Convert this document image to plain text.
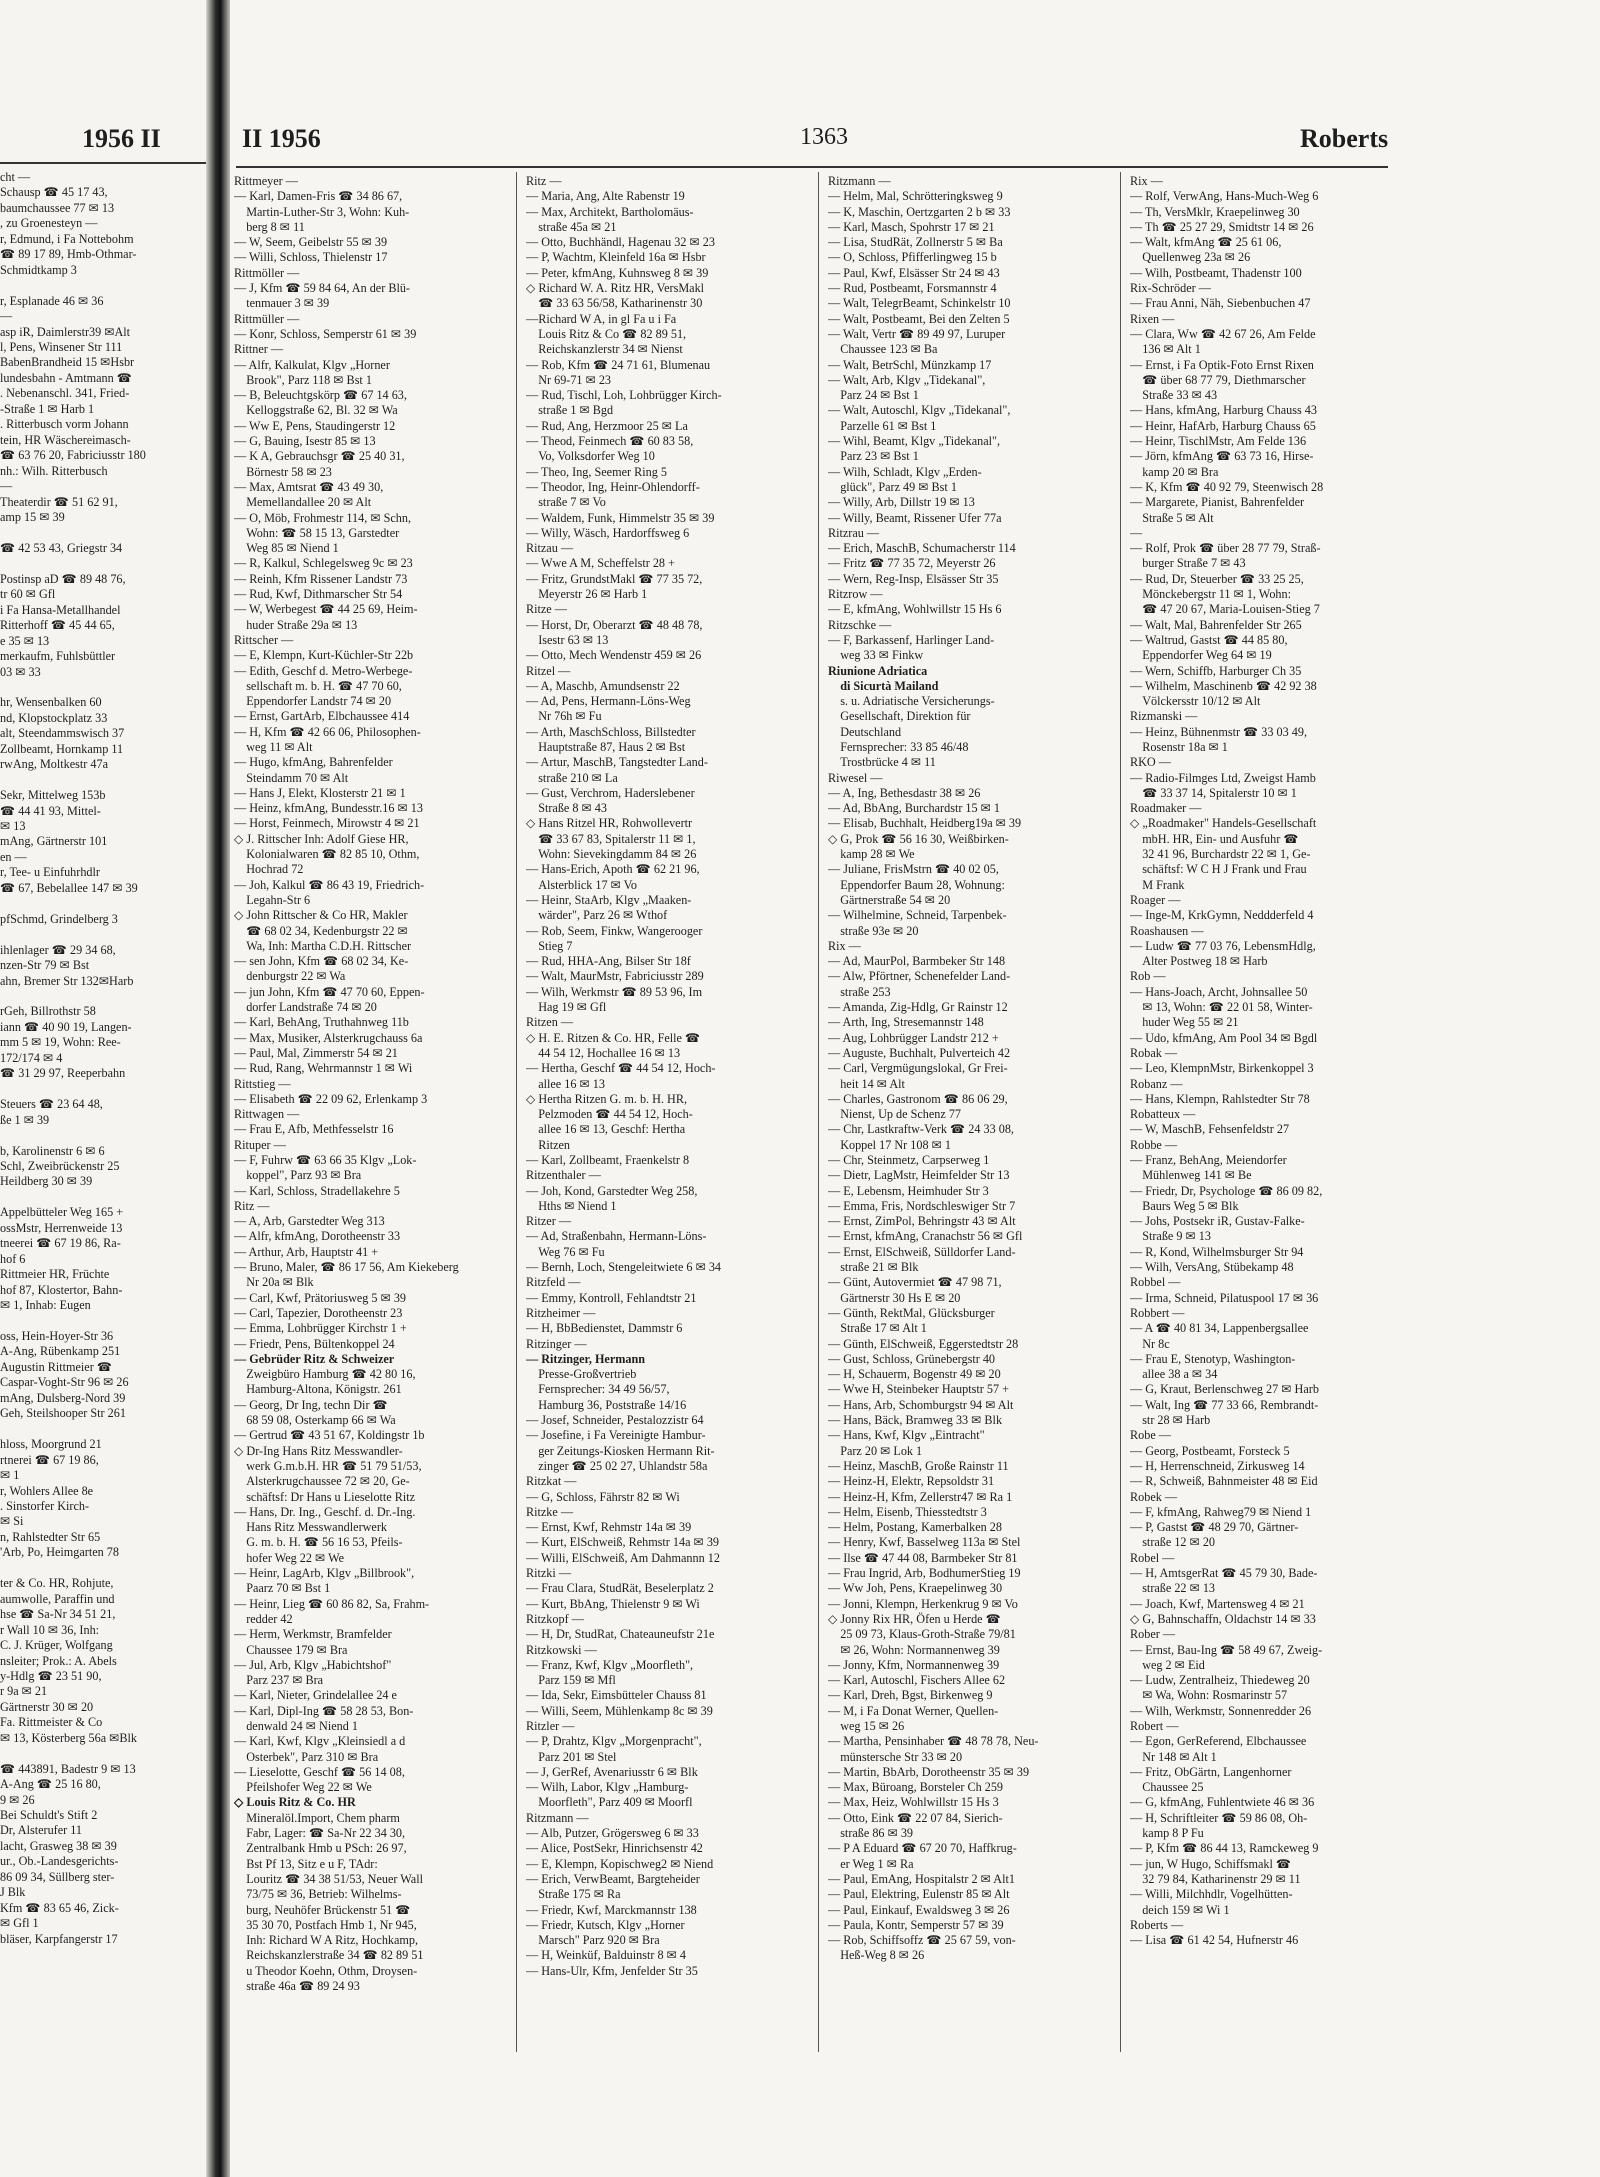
1956 II
cht —
Schausp ☎ 45 17 43,
baumchaussee 77 ✉ 13
, zu Groenesteyn —
r, Edmund, i Fa Nottebohm
☎ 89 17 89, Hmb-Othmar-
Schmidtkamp 3

r, Esplanade 46 ✉ 36
—
asp iR, Daimlerstr39 ✉Alt
l, Pens, Winsener Str 111
BabenBrandheid 15 ✉Hsbr
lundesbahn - Amtmann ☎
. Nebenanschl. 341, Fried-
-Straße 1 ✉ Harb 1
. Ritterbusch vorm Johann
tein, HR Wäschereimasch-
☎ 63 76 20, Fabriciusstr 180
nh.: Wilh. Ritterbusch
—
Theaterdir ☎ 51 62 91,
amp 15 ✉ 39

☎ 42 53 43, Griegstr 34

Postinsp aD ☎ 89 48 76,
tr 60 ✉ Gfl
i Fa Hansa-Metallhandel
Ritterhoff ☎ 45 44 65,
e 35 ✉ 13
merkaufm, Fuhlsbüttler
03 ✉ 33

hr, Wensenbalken 60
nd, Klopstockplatz 33
alt, Steendammswisch 37
Zollbeamt, Hornkamp 11
rwAng, Moltkestr 47a

Sekr, Mittelweg 153b
☎ 44 41 93, Mittel-
✉ 13
mAng, Gärtnerstr 101
en —
r, Tee- u Einfuhrhdlr
☎ 67, Bebelallee 147 ✉ 39

pfSchmd, Grindelberg 3

ihlenlager ☎ 29 34 68,
nzen-Str 79 ✉ Bst
ahn, Bremer Str 132✉Harb

rGeh, Billrothstr 58
iann ☎ 40 90 19, Langen-
mm 5 ✉ 19, Wohn: Ree-
172/174 ✉ 4
☎ 31 29 97, Reeperbahn

Steuers ☎ 23 64 48,
ße 1 ✉ 39

b, Karolinenstr 6 ✉ 6
Schl, Zweibrückenstr 25
Heildberg 30 ✉ 39

Appelbütteler Weg 165 +
ossMstr, Herrenweide 13
tneerei ☎ 67 19 86, Ra-
hof 6
Rittmeier HR, Früchte
hof 87, Klostertor, Bahn-
✉ 1, Inhab: Eugen

oss, Hein-Hoyer-Str 36
A-Ang, Rübenkamp 251
Augustin Rittmeier ☎
Caspar-Voght-Str 96 ✉ 26
mAng, Dulsberg-Nord 39
Geh, Steilshooper Str 261

hloss, Moorgrund 21
rtnerei ☎ 67 19 86,
✉ 1
r, Wohlers Allee 8e
. Sinstorfer Kirch-
✉ Si
n, Rahlstedter Str 65
'Arb, Po, Heimgarten 78

ter & Co. HR, Rohjute,
aumwolle, Paraffin und
hse ☎ Sa-Nr 34 51 21,
r Wall 10 ✉ 36, Inh:
C. J. Krüger, Wolfgang
nsleiter; Prok.: A. Abels
y-Hdlg ☎ 23 51 90,
r 9a ✉ 21
Gärtnerstr 30 ✉ 20
Fa. Rittmeister & Co
✉ 13, Kösterberg 56a ✉Blk

☎ 443891, Badestr 9 ✉ 13
A-Ang ☎ 25 16 80,
9 ✉ 26
Bei Schuldt's Stift 2
Dr, Alsterufer 11
lacht, Grasweg 38 ✉ 39
ur., Ob.-Landesgerichts-
86 09 34, Süllberg ster-
J Blk
Kfm ☎ 83 65 46, Zick-
✉ Gfl 1
bläser, Karpfangerstr 17
II 1956	1363	Roberts
Rittmeyer —
— Karl, Damen-Fris ☎ 34 86 67,
 Martin-Luther-Str 3, Wohn: Kuh-
 berg 8 ✉ 11
— W, Seem, Geibelstr 55 ✉ 39
— Willi, Schloss, Thielenstr 17
Rittmöller —
— J, Kfm ☎ 59 84 64, An der Blü-
 tenmauer 3 ✉ 39
Rittmüller —
— Konr, Schloss, Semperstr 61 ✉ 39
Rittner —
— Alfr, Kalkulat, Klgv „Horner
 Brook", Parz 118 ✉ Bst 1
— B, Beleuchtgskörp ☎ 67 14 63,
 Kelloggstraße 62, Bl. 32 ✉ Wa
— Ww E, Pens, Staudingerstr 12
— G, Bauing, Isestr 85 ✉ 13
— K A, Gebrauchsgr ☎ 25 40 31,
 Börnestr 58 ✉ 23
— Max, Amtsrat ☎ 43 49 30,
 Memellandallee 20 ✉ Alt
— O, Möb, Frohmestr 114, ✉ Schn,
 Wohn: ☎ 58 15 13, Garstedter
 Weg 85 ✉ Niend 1
— R, Kalkul, Schlegelsweg 9c ✉ 23
— Reinh, Kfm Rissener Landstr 73
— Rud, Kwf, Dithmarscher Str 54
— W, Werbegest ☎ 44 25 69, Heim-
 huder Straße 29a ✉ 13
Rittscher —
— E, Klempn, Kurt-Küchler-Str 22b
— Edith, Geschf d. Metro-Werbege-
 sellschaft m. b. H. ☎ 47 70 60,
 Eppendorfer Landstr 74 ✉ 20
— Ernst, GartArb, Elbchaussee 414
— H, Kfm ☎ 42 66 06, Philosophen-
 weg 11 ✉ Alt
— Hugo, kfmAng, Bahrenfelder
 Steindamm 70 ✉ Alt
— Hans J, Elekt, Klosterstr 21 ✉ 1
— Heinz, kfmAng, Bundesstr.16 ✉ 13
— Horst, Feinmech, Mirowstr 4 ✉ 21
◇ J. Rittscher Inh: Adolf Giese HR,
 Kolonialwaren ☎ 82 85 10, Othm,
 Hochrad 72
— Joh, Kalkul ☎ 86 43 19, Friedrich-
 Legahn-Str 6
◇ John Rittscher & Co HR, Makler
 ☎ 68 02 34, Kedenburgstr 22 ✉
 Wa, Inh: Martha C.D.H. Rittscher
— sen John, Kfm ☎ 68 02 34, Ke-
 denburgstr 22 ✉ Wa
— jun John, Kfm ☎ 47 70 60, Eppen-
 dorfer Landstraße 74 ✉ 20
— Karl, BehAng, Truthahnweg 11b
— Max, Musiker, Alsterkrugchauss 6a
— Paul, Mal, Zimmerstr 54 ✉ 21
— Rud, Rang, Wehrmannstr 1 ✉ Wi
Rittstieg —
— Elisabeth ☎ 22 09 62, Erlenkamp 3
Rittwagen —
— Frau E, Afb, Methfesselstr 16
Rituper —
— F, Fuhrw ☎ 63 66 35 Klgv „Lok-
 koppel", Parz 93 ✉ Bra
— Karl, Schloss, Stradellakehre 5
Ritz —
— A, Arb, Garstedter Weg 313
— Alfr, kfmAng, Dorotheenstr 33
— Arthur, Arb, Hauptstr 41 +
— Bruno, Maler, ☎ 86 17 56, Am Kiekeberg
 Nr 20a ✉ Blk
— Carl, Kwf, Prätoriusweg 5 ✉ 39
— Carl, Tapezier, Dorotheenstr 23
— Emma, Lohbrügger Kirchstr 1 +
— Friedr, Pens, Bültenkoppel 24
— Gebrüder Ritz & Schweizer
 Zweigbüro Hamburg ☎ 42 80 16,
 Hamburg-Altona, Königstr. 261
— Georg, Dr Ing, techn Dir ☎
 68 59 08, Osterkamp 66 ✉ Wa
— Gertrud ☎ 43 51 67, Koldingstr 1b
◇ Dr-Ing Hans Ritz Messwandler-
 werk G.m.b.H. HR ☎ 51 79 51/53,
 Alsterkrugchaussee 72 ✉ 20, Ge-
 schäftsf: Dr Hans u Lieselotte Ritz
— Hans, Dr. Ing., Geschf. d. Dr.-Ing.
 Hans Ritz Messwandlerwerk
 G. m. b. H. ☎ 56 16 53, Pfeils-
 hofer Weg 22 ✉ We
— Heinr, LagArb, Klgv „Billbrook",
 Paarz 70 ✉ Bst 1
— Heinr, Lieg ☎ 60 86 82, Sa, Frahm-
 redder 42
— Herm, Werkmstr, Bramfelder
 Chaussee 179 ✉ Bra
— Jul, Arb, Klgv „Habichtshof"
 Parz 237 ✉ Bra
— Karl, Nieter, Grindelallee 24 e
— Karl, Dipl-Ing ☎ 58 28 53, Bon-
 denwald 24 ✉ Niend 1
— Karl, Kwf, Klgv „Kleinsiedl a d
 Osterbek", Parz 310 ✉ Bra
— Lieselotte, Geschf ☎ 56 14 08,
 Pfeilshofer Weg 22 ✉ We
◇ Louis Ritz & Co. HR
 Mineralöl.Import, Chem pharm
 Fabr, Lager: ☎ Sa-Nr 22 34 30,
 Zentralbank Hmb u PSch: 26 97,
 Bst Pf 13, Sitz e u F, TAdr:
 Louritz ☎ 34 38 51/53, Neuer Wall
 73/75 ✉ 36, Betrieb: Wilhelms-
 burg, Neuhöfer Brückenstr 51 ☎
 35 30 70, Postfach Hmb 1, Nr 945,
 Inh: Richard W A Ritz, Hochkamp,
 Reichskanzlerstraße 34 ☎ 82 89 51
 u Theodor Koehn, Othm, Droysen-
 straße 46a ☎ 89 24 93
Ritz —
— Maria, Ang, Alte Rabenstr 19
— Max, Architekt, Bartholomäus-
 straße 45a ✉ 21
— Otto, Buchhändl, Hagenau 32 ✉ 23
— P, Wachtm, Kleinfeld 16a ✉ Hsbr
— Peter, kfmAng, Kuhnsweg 8 ✉ 39
◇ Richard W. A. Ritz HR, VersMakl
 ☎ 33 63 56/58, Katharinenstr 30
—Richard W A, in gl Fa u i Fa
 Louis Ritz & Co ☎ 82 89 51,
 Reichskanzlerstr 34 ✉ Nienst
— Rob, Kfm ☎ 24 71 61, Blumenau
 Nr 69-71 ✉ 23
— Rud, Tischl, Loh, Lohbrügger Kirch-
 straße 1 ✉ Bgd
— Rud, Ang, Herzmoor 25 ✉ La
— Theod, Feinmech ☎ 60 83 58,
 Vo, Volksdorfer Weg 10
— Theo, Ing, Seemer Ring 5
— Theodor, Ing, Heinr-Ohlendorff-
 straße 7 ✉ Vo
— Waldem, Funk, Himmelstr 35 ✉ 39
— Willy, Wäsch, Hardorffsweg 6
Ritzau —
— Wwe A M, Scheffelstr 28 +
— Fritz, GrundstMakl ☎ 77 35 72,
 Meyerstr 26 ✉ Harb 1
Ritze —
— Horst, Dr, Oberarzt ☎ 48 48 78,
 Isestr 63 ✉ 13
— Otto, Mech Wendenstr 459 ✉ 26
Ritzel —
— A, Maschb, Amundsenstr 22
— Ad, Pens, Hermann-Löns-Weg
 Nr 76h ✉ Fu
— Arth, MaschSchloss, Billstedter
 Hauptstraße 87, Haus 2 ✉ Bst
— Artur, MaschB, Tangstedter Land-
 straße 210 ✉ La
— Gust, Verchrom, Haderslebener
 Straße 8 ✉ 43
◇ Hans Ritzel HR, Rohwollevertr
 ☎ 33 67 83, Spitalerstr 11 ✉ 1,
 Wohn: Sievekingdamm 84 ✉ 26
— Hans-Erich, Apoth ☎ 62 21 96,
 Alsterblick 17 ✉ Vo
— Heinr, StaArb, Klgv „Maaken-
 wärder", Parz 26 ✉ Wthof
— Rob, Seem, Finkw, Wangerooger
 Stieg 7
— Rud, HHA-Ang, Bilser Str 18f
— Walt, MaurMstr, Fabriciusstr 289
— Wilh, Werkmstr ☎ 89 53 96, Im
 Hag 19 ✉ Gfl
Ritzen —
◇ H. E. Ritzen & Co. HR, Felle ☎
 44 54 12, Hochallee 16 ✉ 13
— Hertha, Geschf ☎ 44 54 12, Hoch-
 allee 16 ✉ 13
◇ Hertha Ritzen G. m. b. H. HR,
 Pelzmoden ☎ 44 54 12, Hoch-
 allee 16 ✉ 13, Geschf: Hertha
 Ritzen
— Karl, Zollbeamt, Fraenkelstr 8
Ritzenthaler —
— Joh, Kond, Garstedter Weg 258,
 Hths ✉ Niend 1
Ritzer —
— Ad, Straßenbahn, Hermann-Löns-
 Weg 76 ✉ Fu
— Bernh, Loch, Stengeleitwiete 6 ✉ 34
Ritzfeld —
— Emmy, Kontroll, Fehlandtstr 21
Ritzheimer —
— H, BbBedienstet, Dammstr 6
Ritzinger —
— Ritzinger, Hermann
 Presse-Großvertrieb
 Fernsprecher: 34 49 56/57,
 Hamburg 36, Poststraße 14/16
— Josef, Schneider, Pestalozzistr 64
— Josefine, i Fa Vereinigte Hambur-
 ger Zeitungs-Kiosken Hermann Rit-
 zinger ☎ 25 02 27, Uhlandstr 58a
Ritzkat —
— G, Schloss, Fährstr 82 ✉ Wi
Ritzke —
— Ernst, Kwf, Rehmstr 14a ✉ 39
— Kurt, ElSchweiß, Rehmstr 14a ✉ 39
— Willi, ElSchweiß, Am Dahmannn 12
Ritzki —
— Frau Clara, StudRät, Beselerplatz 2
— Kurt, BbAng, Thielenstr 9 ✉ Wi
Ritzkopf —
— H, Dr, StudRat, Chateauneufstr 21e
Ritzkowski —
— Franz, Kwf, Klgv „Moorfleth",
 Parz 159 ✉ Mfl
— Ida, Sekr, Eimsbütteler Chauss 81
— Willi, Seem, Mühlenkamp 8c ✉ 39
Ritzler —
— P, Drahtz, Klgv „Morgenpracht",
 Parz 201 ✉ Stel
— J, GerRef, Avenariusstr 6 ✉ Blk
— Wilh, Labor, Klgv „Hamburg-
 Moorfleth", Parz 409 ✉ Moorfl
Ritzmann —
— Alb, Putzer, Grögersweg 6 ✉ 33
— Alice, PostSekr, Hinrichsenstr 42
— E, Klempn, Kopischweg2 ✉ Niend
— Erich, VerwBeamt, Bargteheider
 Straße 175 ✉ Ra
— Friedr, Kwf, Marckmannstr 138
— Friedr, Kutsch, Klgv „Horner
 Marsch" Parz 920 ✉ Bra
— H, Weinküf, Balduinstr 8 ✉ 4
— Hans-Ulr, Kfm, Jenfelder Str 35
Ritzmann —
— Helm, Mal, Schrötteringksweg 9
— K, Maschin, Oertzgarten 2 b ✉ 33
— Karl, Masch, Spohrstr 17 ✉ 21
— Lisa, StudRät, Zollnerstr 5 ✉ Ba
— O, Schloss, Pfifferlingweg 15 b
— Paul, Kwf, Elsässer Str 24 ✉ 43
— Rud, Postbeamt, Forsmannstr 4
— Walt, TelegrBeamt, Schinkelstr 10
— Walt, Postbeamt, Bei den Zelten 5
— Walt, Vertr ☎ 89 49 97, Luruper
 Chaussee 123 ✉ Ba
— Walt, BetrSchl, Münzkamp 17
— Walt, Arb, Klgv „Tidekanal",
 Parz 24 ✉ Bst 1
— Walt, Autoschl, Klgv „Tidekanal",
 Parzelle 61 ✉ Bst 1
— Wihl, Beamt, Klgv „Tidekanal",
 Parz 23 ✉ Bst 1
— Wilh, Schladt, Klgv „Erden-
 glück", Parz 49 ✉ Bst 1
— Willy, Arb, Dillstr 19 ✉ 13
— Willy, Beamt, Rissener Ufer 77a
Ritzrau —
— Erich, MaschB, Schumacherstr 114
— Fritz ☎ 77 35 72, Meyerstr 26
— Wern, Reg-Insp, Elsässer Str 35
Ritzrow —
— E, kfmAng, Wohlwillstr 15 Hs 6
Ritzschke —
— F, Barkassenf, Harlinger Land-
 weg 33 ✉ Finkw
Riunione Adriatica
 di Sicurtà Mailand
 s. u. Adriatische Versicherungs-
 Gesellschaft, Direktion für
 Deutschland
 Fernsprecher: 33 85 46/48
 Trostbrücke 4 ✉ 11
Riwesel —
— A, Ing, Bethesdastr 38 ✉ 26
— Ad, BbAng, Burchardstr 15 ✉ 1
— Elisab, Buchhalt, Heidberg19a ✉ 39
◇ G, Prok ☎ 56 16 30, Weißbirken-
 kamp 28 ✉ We
— Juliane, FrisMstrn ☎ 40 02 05,
 Eppendorfer Baum 28, Wohnung:
 Gärtnerstraße 54 ✉ 20
— Wilhelmine, Schneid, Tarpenbek-
 straße 93e ✉ 20
Rix —
— Ad, MaurPol, Barmbeker Str 148
— Alw, Pförtner, Schenefelder Land-
 straße 253
— Amanda, Zig-Hdlg, Gr Rainstr 12
— Arth, Ing, Stresemannstr 148
— Aug, Lohbrügger Landstr 212 +
— Auguste, Buchhalt, Pulverteich 42
— Carl, Vergmügungslokal, Gr Frei-
 heit 14 ✉ Alt
— Charles, Gastronom ☎ 86 06 29,
 Nienst, Up de Schenz 77
— Chr, Lastkraftw-Verk ☎ 24 33 08,
 Koppel 17 Nr 108 ✉ 1
— Chr, Steinmetz, Carpserweg 1
— Dietr, LagMstr, Heimfelder Str 13
— E, Lebensm, Heimhuder Str 3
— Emma, Fris, Nordschleswiger Str 7
— Ernst, ZimPol, Behringstr 43 ✉ Alt
— Ernst, kfmAng, Cranachstr 56 ✉ Gfl
— Ernst, ElSchweiß, Sülldorfer Land-
 straße 21 ✉ Blk
— Günt, Autovermiet ☎ 47 98 71,
 Gärtnerstr 30 Hs E ✉ 20
— Günth, RektMal, Glücksburger
 Straße 17 ✉ Alt 1
— Günth, ElSchweiß, Eggerstedtstr 28
— Gust, Schloss, Grünebergstr 40
— H, Schauerm, Bogenstr 49 ✉ 20
— Wwe H, Steinbeker Hauptstr 57 +
— Hans, Arb, Schomburgstr 94 ✉ Alt
— Hans, Bäck, Bramweg 33 ✉ Blk
— Hans, Kwf, Klgv „Eintracht"
 Parz 20 ✉ Lok 1
— Heinz, MaschB, Große Rainstr 11
— Heinz-H, Elektr, Repsoldstr 31
— Heinz-H, Kfm, Zellerstr47 ✉ Ra 1
— Helm, Eisenb, Thiesstedtstr 3
— Helm, Postang, Kamerbalken 28
— Henry, Kwf, Basselweg 113a ✉ Stel
— Ilse ☎ 47 44 08, Barmbeker Str 81
— Frau Ingrid, Arb, BodhumerStieg 19
— Ww Joh, Pens, Kraepelinweg 30
— Jonni, Klempn, Herkenkrug 9 ✉ Vo
◇ Jonny Rix HR, Öfen u Herde ☎
 25 09 73, Klaus-Groth-Straße 79/81
 ✉ 26, Wohn: Normannenweg 39
— Jonny, Kfm, Normannenweg 39
— Karl, Autoschl, Fischers Allee 62
— Karl, Dreh, Bgst, Birkenweg 9
— M, i Fa Donat Werner, Quellen-
 weg 15 ✉ 26
— Martha, Pensinhaber ☎ 48 78 78, Neu-
 münstersche Str 33 ✉ 20
— Martin, BbArb, Dorotheenstr 35 ✉ 39
— Max, Büroang, Borsteler Ch 259
— Max, Heiz, Wohlwillstr 15 Hs 3
— Otto, Eink ☎ 22 07 84, Sierich-
 straße 86 ✉ 39
— P A Eduard ☎ 67 20 70, Haffkrug-
 er Weg 1 ✉ Ra
— Paul, EmAng, Hospitalstr 2 ✉ Alt1
— Paul, Elektring, Eulenstr 85 ✉ Alt
— Paul, Einkauf, Ewaldsweg 3 ✉ 26
— Paula, Kontr, Semperstr 57 ✉ 39
— Rob, Schiffsoffz ☎ 25 67 59, von-
 Heß-Weg 8 ✉ 26
Rix —
— Rolf, VerwAng, Hans-Much-Weg 6
— Th, VersMklr, Kraepelinweg 30
— Th ☎ 25 27 29, Smidtstr 14 ✉ 26
— Walt, kfmAng ☎ 25 61 06,
 Quellenweg 23a ✉ 26
— Wilh, Postbeamt, Thadenstr 100
Rix-Schröder —
— Frau Anni, Näh, Siebenbuchen 47
Rixen —
— Clara, Ww ☎ 42 67 26, Am Felde
 136 ✉ Alt 1
— Ernst, i Fa Optik-Foto Ernst Rixen
 ☎ über 68 77 79, Diethmarscher
 Straße 33 ✉ 43
— Hans, kfmAng, Harburg Chauss 43
— Heinr, HafArb, Harburg Chauss 65
— Heinr, TischlMstr, Am Felde 136
— Jörn, kfmAng ☎ 63 73 16, Hirse-
 kamp 20 ✉ Bra
— K, Kfm ☎ 40 92 79, Steenwisch 28
— Margarete, Pianist, Bahrenfelder
 Straße 5 ✉ Alt
—
— Rolf, Prok ☎ über 28 77 79, Straß-
 burger Straße 7 ✉ 43
— Rud, Dr, Steuerber ☎ 33 25 25,
 Mönckebergstr 11 ✉ 1, Wohn:
 ☎ 47 20 67, Maria-Louisen-Stieg 7
— Walt, Mal, Bahrenfelder Str 265
— Waltrud, Gastst ☎ 44 85 80,
 Eppendorfer Weg 64 ✉ 19
— Wern, Schiffb, Harburger Ch 35
— Wilhelm, Maschinenb ☎ 42 92 38
 Völckersstr 10/12 ✉ Alt
Rizmanski —
— Heinz, Bühnenmstr ☎ 33 03 49,
 Rosenstr 18a ✉ 1
RKO —
— Radio-Filmges Ltd, Zweigst Hamb
 ☎ 33 37 14, Spitalerstr 10 ✉ 1
Roadmaker —
◇ „Roadmaker" Handels-Gesellschaft
 mbH. HR, Ein- und Ausfuhr ☎
 32 41 96, Burchardstr 22 ✉ 1, Ge-
 schäftsf: W C H J Frank und Frau
 M Frank
Roager —
— Inge-M, KrkGymn, Neddderfeld 4
Roashausen —
— Ludw ☎ 77 03 76, LebensmHdlg,
 Alter Postweg 18 ✉ Harb
Rob —
— Hans-Joach, Archt, Johnsallee 50
 ✉ 13, Wohn: ☎ 22 01 58, Winter-
 huder Weg 55 ✉ 21
— Udo, kfmAng, Am Pool 34 ✉ Bgdl
Robak —
— Leo, KlempnMstr, Birkenkoppel 3
Robanz —
— Hans, Klempn, Rahlstedter Str 78
Robatteux —
— W, MaschB, Fehsenfeldstr 27
Robbe —
— Franz, BehAng, Meiendorfer
 Mühlenweg 141 ✉ Be
— Friedr, Dr, Psychologe ☎ 86 09 82,
 Baurs Weg 5 ✉ Blk
— Johs, Postsekr iR, Gustav-Falke-
 Straße 9 ✉ 13
— R, Kond, Wilhelmsburger Str 94
— Wilh, VersAng, Stübekamp 48
Robbel —
— Irma, Schneid, Pilatuspool 17 ✉ 36
Robbert —
— A ☎ 40 81 34, Lappenbergsallee
 Nr 8c
— Frau E, Stenotyp, Washington-
 allee 38 a ✉ 34
— G, Kraut, Berlenschweg 27 ✉ Harb
— Walt, Ing ☎ 77 33 66, Rembrandt-
 str 28 ✉ Harb
Robe —
— Georg, Postbeamt, Forsteck 5
— H, Herrenschneid, Zirkusweg 14
— R, Schweiß, Bahnmeister 48 ✉ Eid
Robek —
— F, kfmAng, Rahweg79 ✉ Niend 1
— P, Gastst ☎ 48 29 70, Gärtner-
 straße 12 ✉ 20
Robel —
— H, AmtsgerRat ☎ 45 79 30, Bade-
 straße 22 ✉ 13
— Joach, Kwf, Martensweg 4 ✉ 21
◇ G, Bahnschaffn, Oldachstr 14 ✉ 33
Rober —
— Ernst, Bau-Ing ☎ 58 49 67, Zweig-
 weg 2 ✉ Eid
— Ludw, Zentralheiz, Thiedeweg 20
 ✉ Wa, Wohn: Rosmarinstr 57
— Wilh, Werkmstr, Sonnenredder 26
Robert —
— Egon, GerReferend, Elbchaussee
 Nr 148 ✉ Alt 1
— Fritz, ObGärtn, Langenhorner
 Chaussee 25
— G, kfmAng, Fuhlentwiete 46 ✉ 36
— H, Schriftleiter ☎ 59 86 08, Oh-
 kamp 8 P Fu
— P, Kfm ☎ 86 44 13, Ramckeweg 9
— jun, W Hugo, Schiffsmakl ☎
 32 79 84, Katharinenstr 29 ✉ 11
— Willi, Milchhdlr, Vogelhütten-
 deich 159 ✉ Wi 1
Roberts —
— Lisa ☎ 61 42 54, Hufnerstr 46
